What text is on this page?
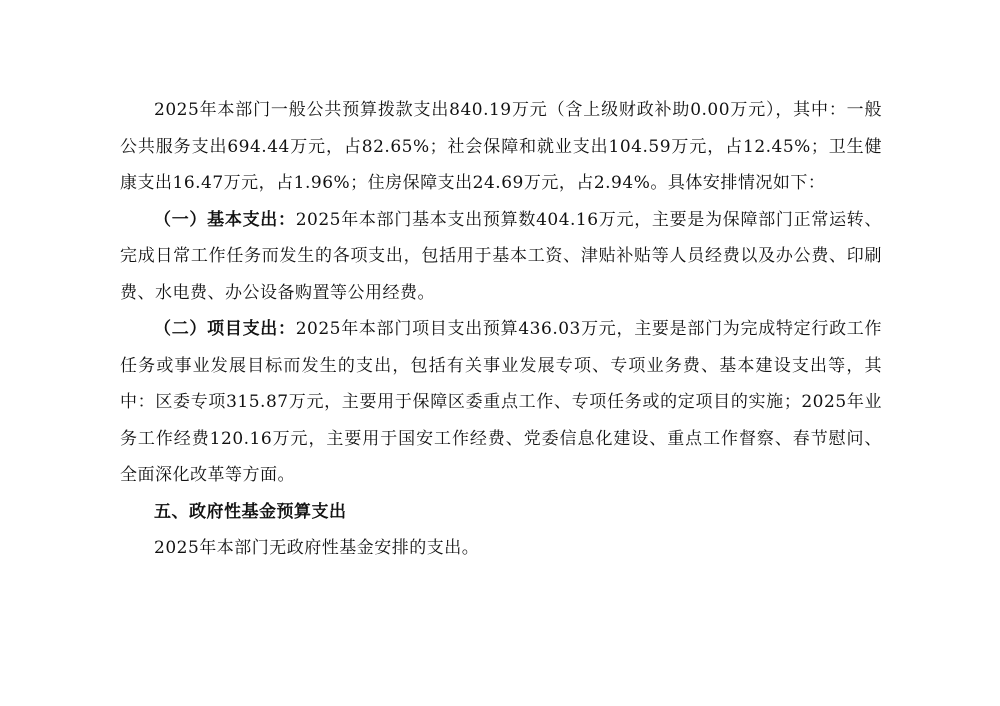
2025年本部门一般公共预算拨款支出840.19万元（含上级财政补助0.00万元），其中：一般公共服务支出694.44万元，占82.65%；社会保障和就业支出104.59万元，占12.45%；卫生健康支出16.47万元，占1.96%；住房保障支出24.69万元，占2.94%。具体安排情况如下：

（一）基本支出：2025年本部门基本支出预算数404.16万元，主要是为保障部门正常运转、完成日常工作任务而发生的各项支出，包括用于基本工资、津贴补贴等人员经费以及办公费、印刷费、水电费、办公设备购置等公用经费。

（二）项目支出：2025年本部门项目支出预算436.03万元，主要是部门为完成特定行政工作任务或事业发展目标而发生的支出，包括有关事业发展专项、专项业务费、基本建设支出等，其中：区委专项315.87万元，主要用于保障区委重点工作、专项任务或的定项目的实施；2025年业务工作经费120.16万元，主要用于国安工作经费、党委信息化建设、重点工作督察、春节慰问、全面深化改革等方面。

五、政府性基金预算支出

2025年本部门无政府性基金安排的支出。
